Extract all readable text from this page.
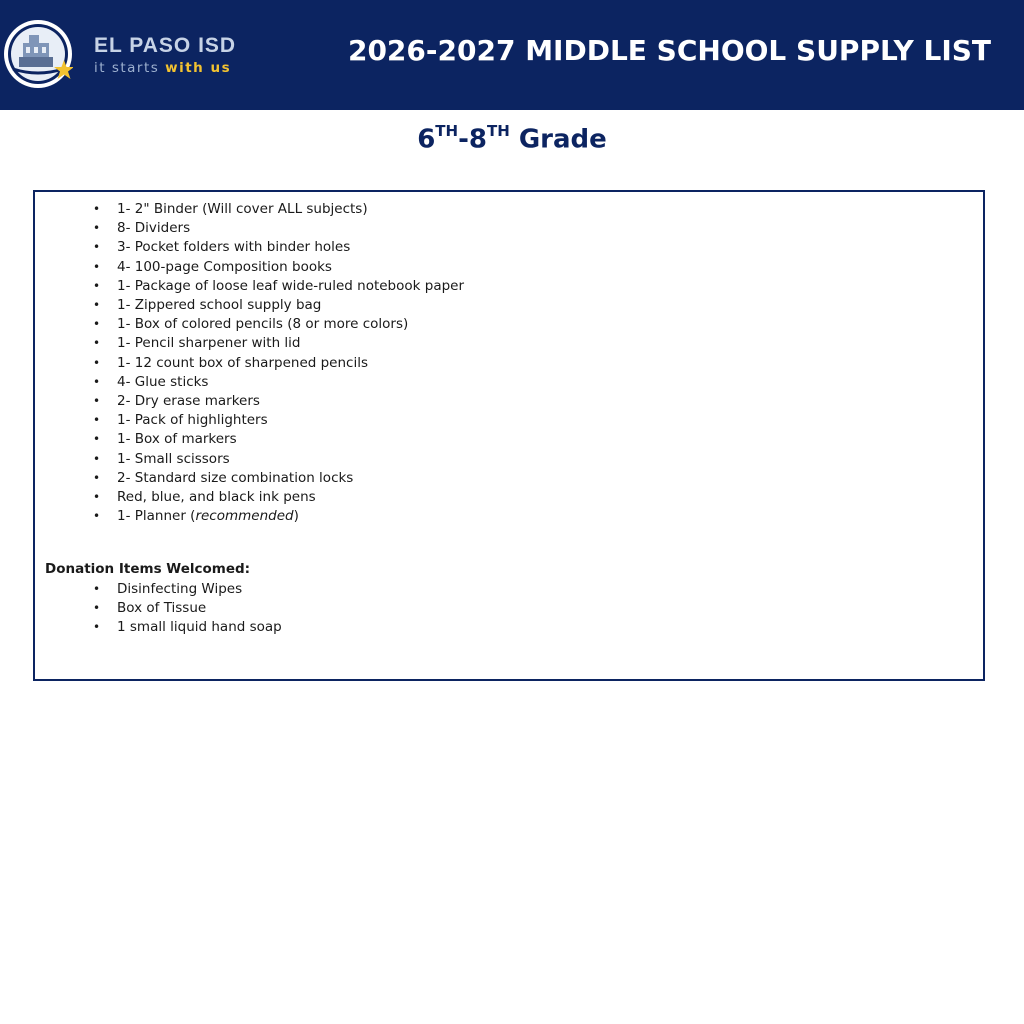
EL PASO ISD
it starts with us
2026-2027 MIDDLE SCHOOL SUPPLY LIST
6TH-8TH Grade
• 1- 2" Binder (Will cover ALL subjects)
• 8- Dividers
• 3- Pocket folders with binder holes
• 4- 100-page Composition books
• 1- Package of loose leaf wide-ruled notebook paper
• 1- Zippered school supply bag
• 1- Box of colored pencils (8 or more colors)
• 1- Pencil sharpener with lid
• 1- 12 count box of sharpened pencils
• 4- Glue sticks
• 2- Dry erase markers
• 1- Pack of highlighters
• 1- Box of markers
• 1- Small scissors
• 2- Standard size combination locks
• Red, blue, and black ink pens
• 1- Planner (recommended)
Donation Items Welcomed:
• Disinfecting Wipes
• Box of Tissue
• 1 small liquid hand soap
